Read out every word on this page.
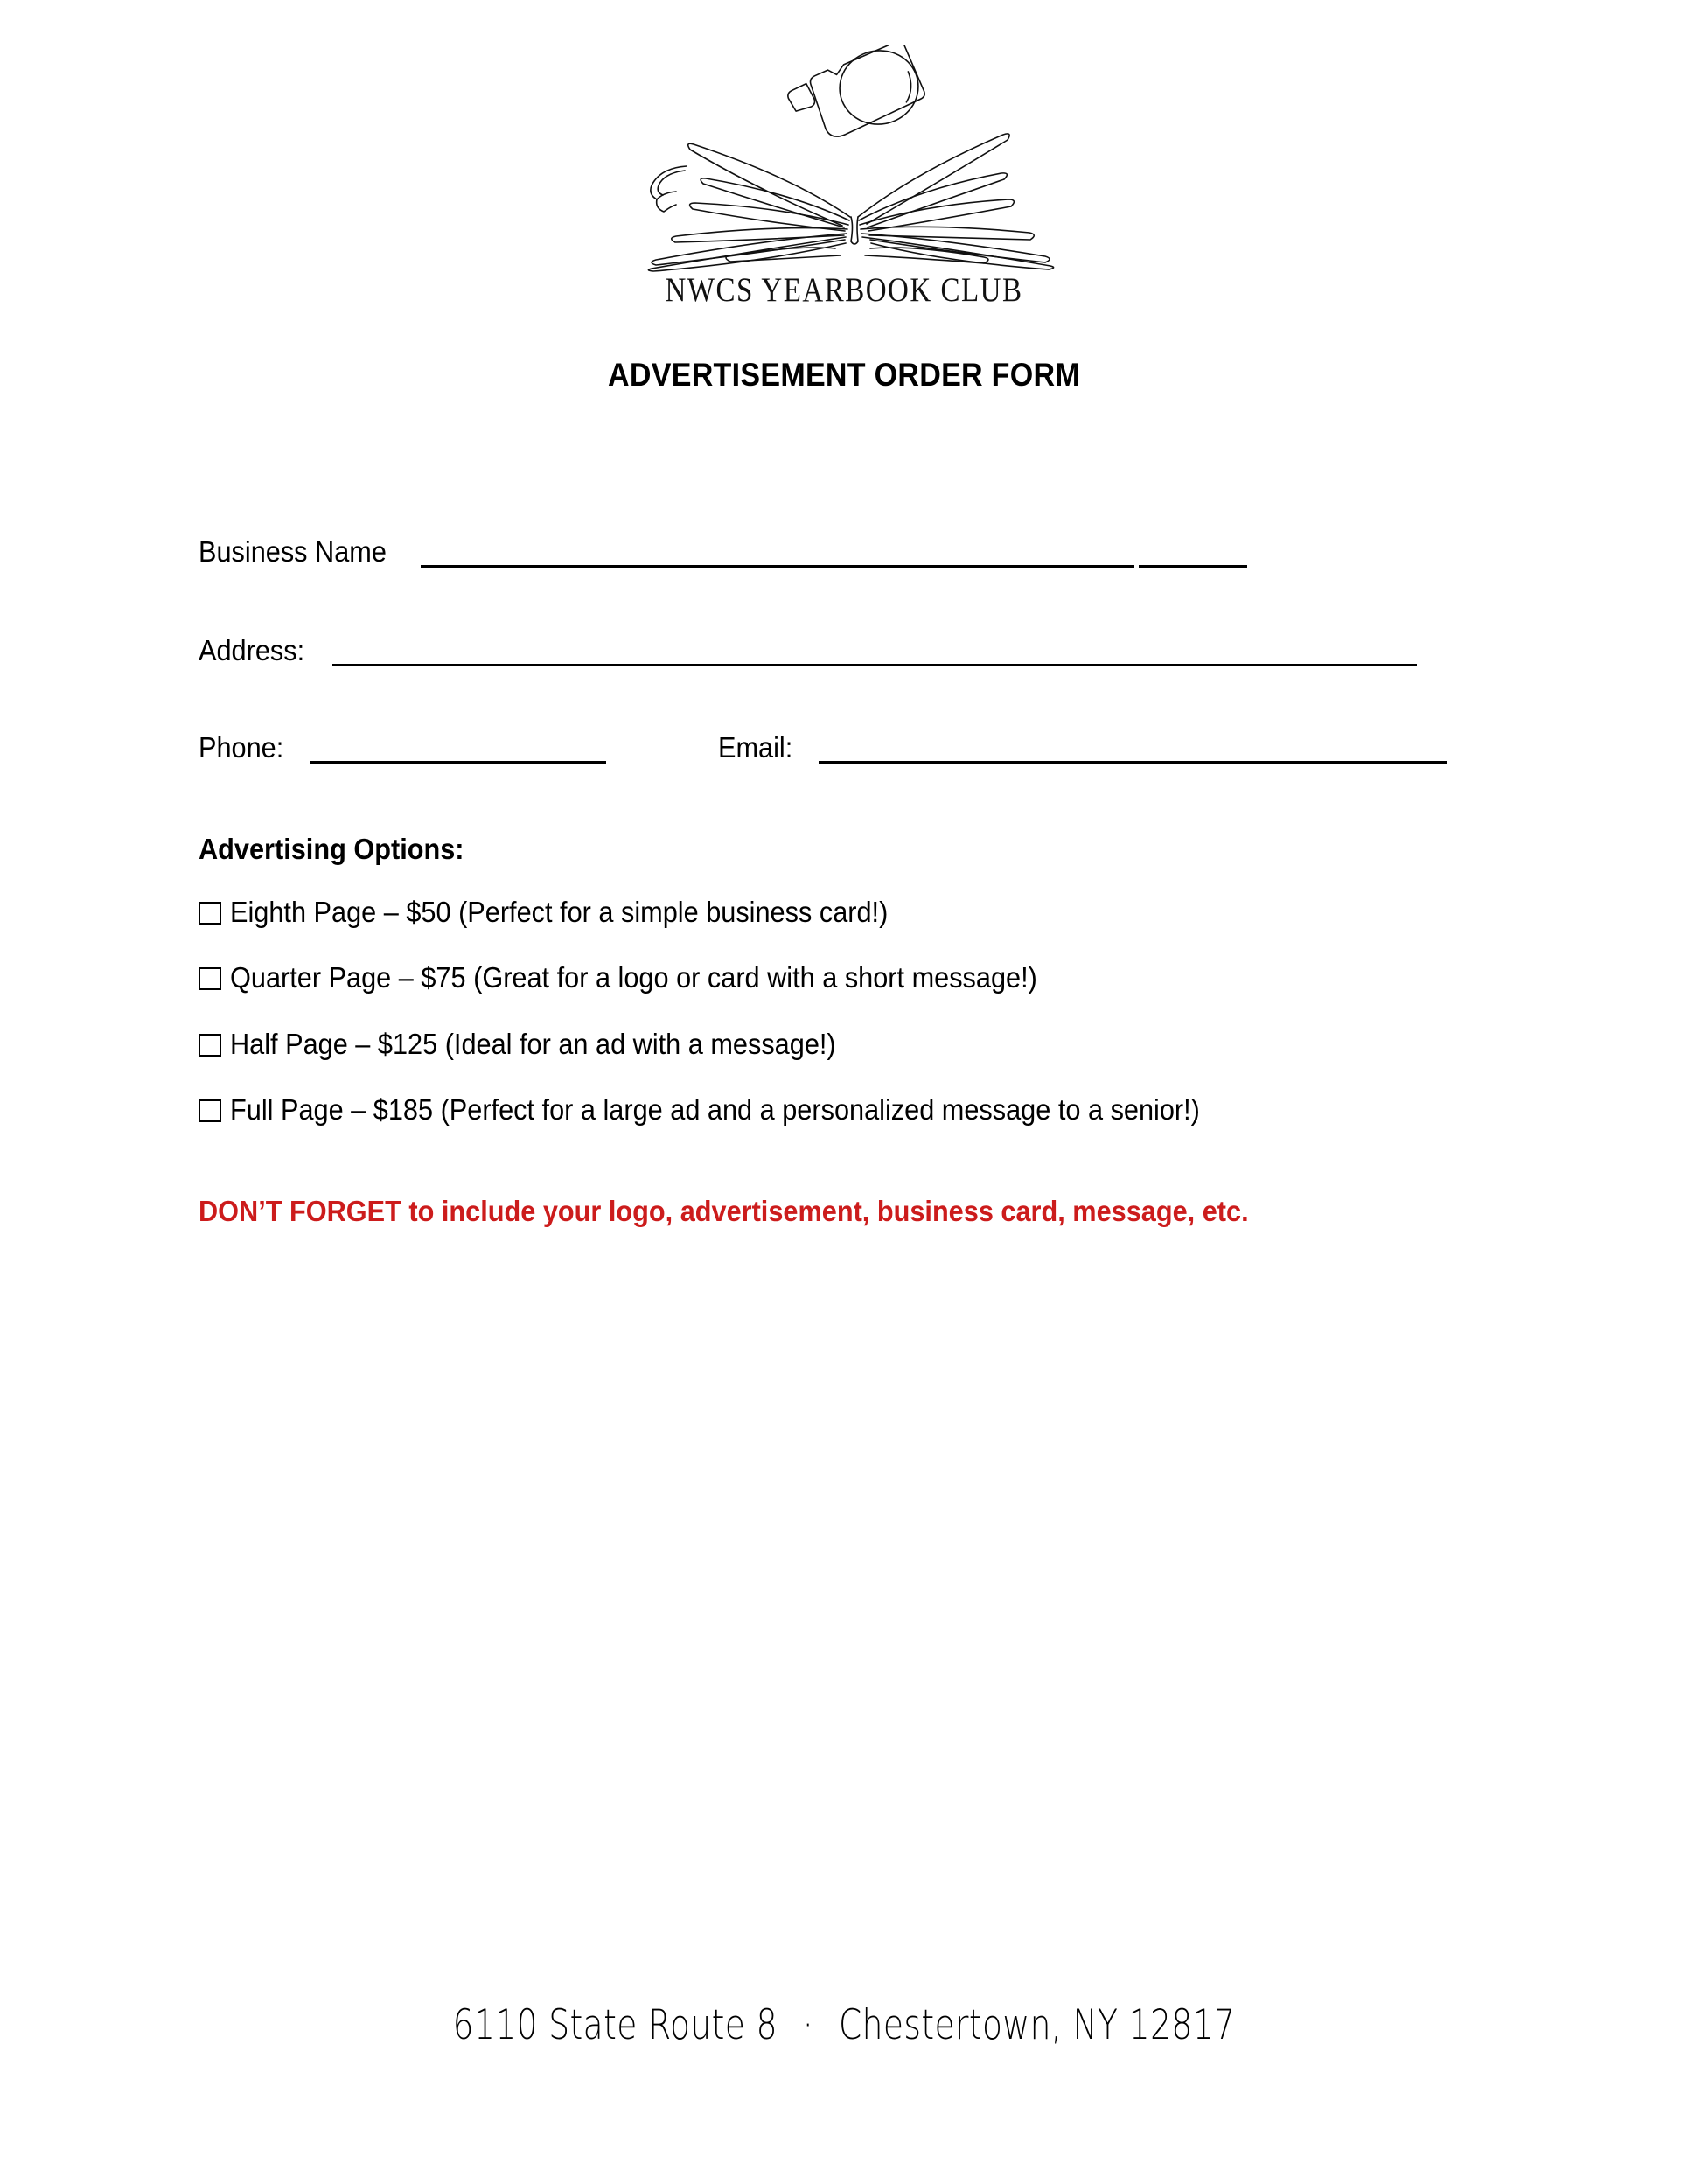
NWCS YEARBOOK CLUB
ADVERTISEMENT ORDER FORM
Business Name
Address:
Phone:	Email:
Advertising Options:
Eighth Page – $50 (Perfect for a simple business card!)
Quarter Page – $75 (Great for a logo or card with a short message!)
Half Page – $125 (Ideal for an ad with a message!)
Full Page – $185 (Perfect for a large ad and a personalized message to a senior!)
DON’T FORGET to include your logo, advertisement, business card, message, etc.
6110 State Route 8 · Chestertown, NY 12817
